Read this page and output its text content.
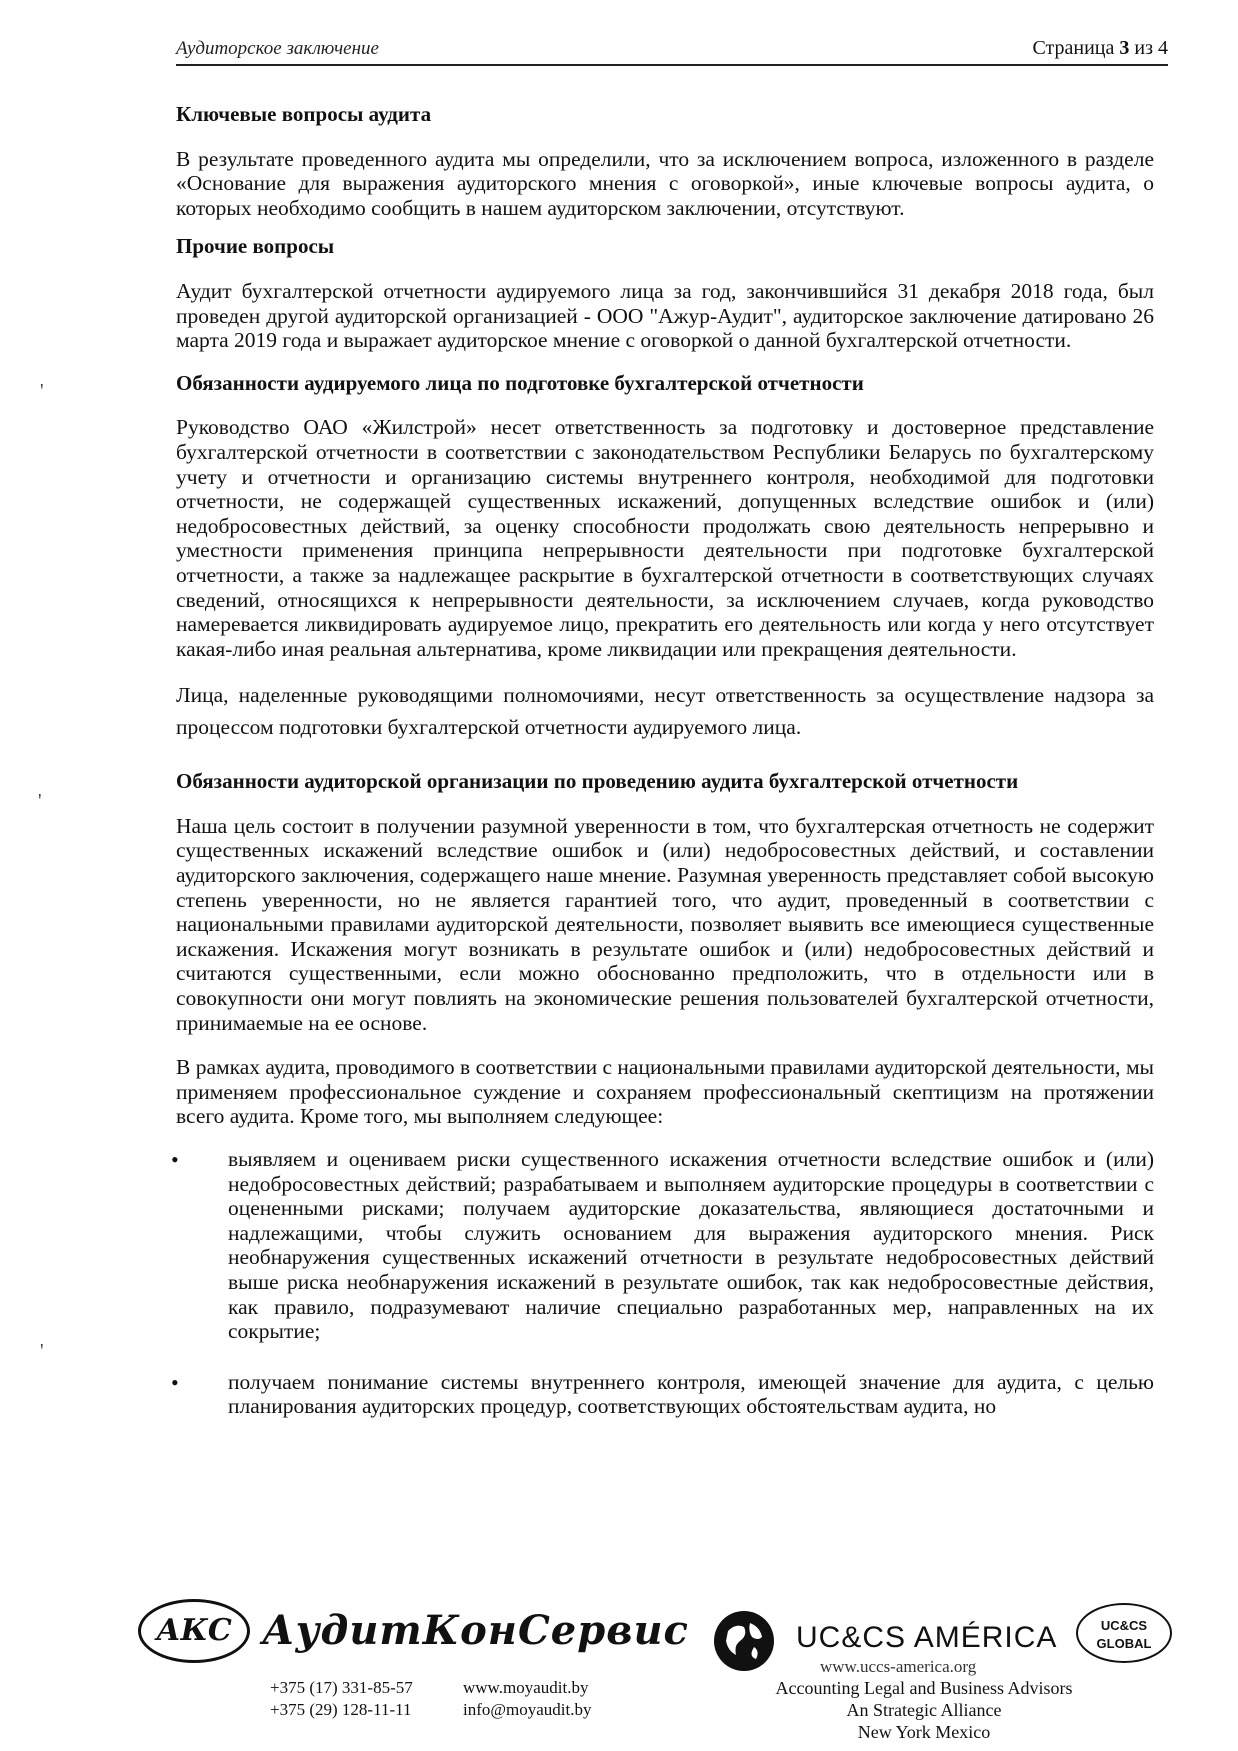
Аудиторское заключение	Страница 3 из 4
'
'
'
Ключевые вопросы аудита

В результате проведенного аудита мы определили, что за исключением вопроса, изложенного в разделе «Основание для выражения аудиторского мнения с оговоркой», иные ключевые вопросы аудита, о которых необходимо сообщить в нашем аудиторском заключении, отсутствуют.

Прочие вопросы

Аудит бухгалтерской отчетности аудируемого лица за год, закончившийся 31 декабря 2018 года, был проведен другой аудиторской организацией - ООО "Ажур-Аудит", аудиторское заключение датировано 26 марта 2019 года и выражает аудиторское мнение с оговоркой о данной бухгалтерской отчетности.

Обязанности аудируемого лица по подготовке бухгалтерской отчетности

Руководство ОАО «Жилстрой» несет ответственность за подготовку и достоверное представление бухгалтерской отчетности в соответствии с законодательством Республики Беларусь по бухгалтерскому учету и отчетности и организацию системы внутреннего контроля, необходимой для подготовки отчетности, не содержащей существенных искажений, допущенных вследствие ошибок и (или) недобросовестных действий, за оценку способности продолжать свою деятельность непрерывно и уместности применения принципа непрерывности деятельности при подготовке бухгалтерской отчетности, а также за надлежащее раскрытие в бухгалтерской отчетности в соответствующих случаях сведений, относящихся к непрерывности деятельности, за исключением случаев, когда руководство намеревается ликвидировать аудируемое лицо, прекратить его деятельность или когда у него отсутствует какая-либо иная реальная альтернатива, кроме ликвидации или прекращения деятельности.

Лица, наделенные руководящими полномочиями, несут ответственность за осуществление надзора за процессом подготовки бухгалтерской отчетности аудируемого лица.

Обязанности аудиторской организации по проведению аудита бухгалтерской отчетности

Наша цель состоит в получении разумной уверенности в том, что бухгалтерская отчетность не содержит существенных искажений вследствие ошибок и (или) недобросовестных действий, и составлении аудиторского заключения, содержащего наше мнение. Разумная уверенность представляет собой высокую степень уверенности, но не является гарантией того, что аудит, проведенный в соответствии с национальными правилами аудиторской деятельности, позволяет выявить все имеющиеся существенные искажения. Искажения могут возникать в результате ошибок и (или) недобросовестных действий и считаются существенными, если можно обоснованно предположить, что в отдельности или в совокупности они могут повлиять на экономические решения пользователей бухгалтерской отчетности, принимаемые на ее основе.

В рамках аудита, проводимого в соответствии с национальными правилами аудиторской деятельности, мы применяем профессиональное суждение и сохраняем профессиональный скептицизм на протяжении всего аудита. Кроме того, мы выполняем следующее:

• выявляем и оцениваем риски существенного искажения отчетности вследствие ошибок и (или) недобросовестных действий; разрабатываем и выполняем аудиторские процедуры в соответствии с оцененными рисками; получаем аудиторские доказательства, являющиеся достаточными и надлежащими, чтобы служить основанием для выражения аудиторского мнения. Риск необнаружения существенных искажений отчетности в результате недобросовестных действий выше риска необнаружения искажений в результате ошибок, так как недобросовестные действия, как правило, подразумевают наличие специально разработанных мер, направленных на их сокрытие;
• получаем понимание системы внутреннего контроля, имеющей значение для аудита, с целью планирования аудиторских процедур, соответствующих обстоятельствам аудита, но
АКС АудитКонСервис
+375 (17) 331-85-57
+375 (29) 128-11-11
www.moyaudit.by
info@moyaudit.by
UC&CS AMÉRICA
www.uccs-america.org
Accounting Legal and Business Advisors
An Strategic Alliance
New York Mexico
UC&CS
GLOBAL
